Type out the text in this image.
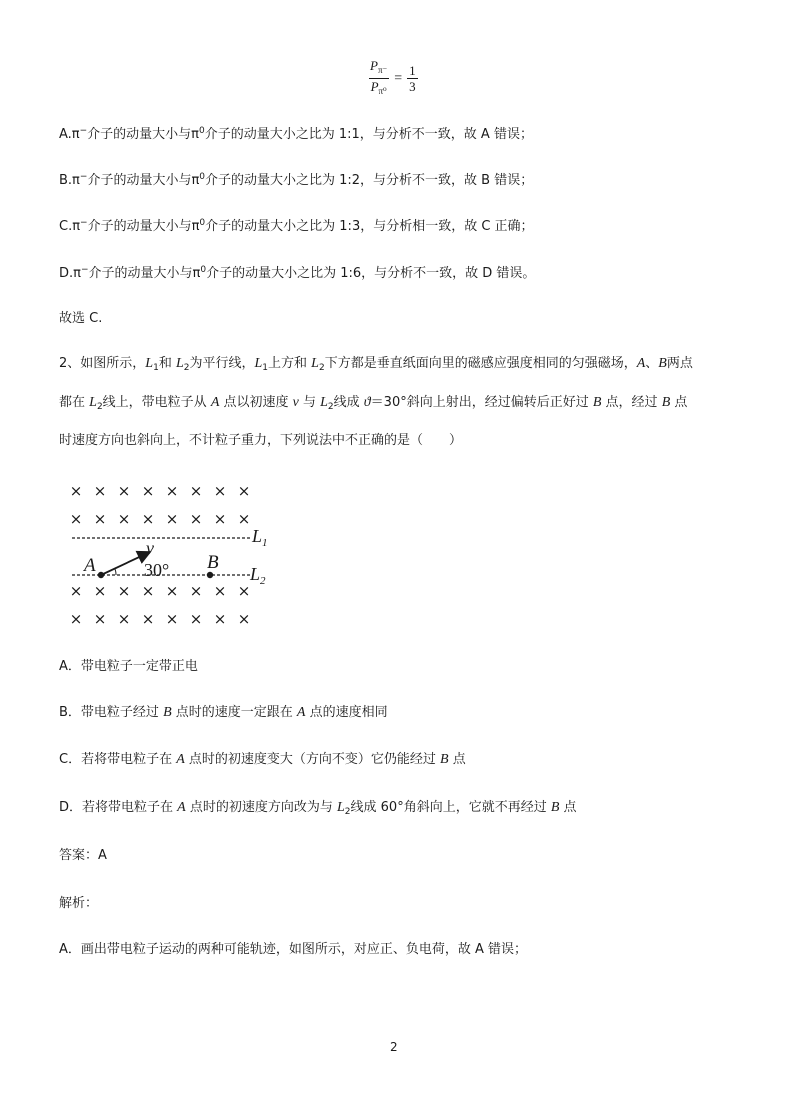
$\frac{P_{\pi^-}}{P_{\pi^0}} = \frac{1}{3}$
A.π−介子的动量大小与$\pi^0$介子的动量大小之比为 1:1，与分析不一致，故 A 错误；
B.π−介子的动量大小与$\pi^0$介子的动量大小之比为 1:2，与分析不一致，故 B 错误；
C.π−介子的动量大小与$\pi^0$介子的动量大小之比为 1:3，与分析相一致，故 C 正确；
D.π−介子的动量大小与$\pi^0$介子的动量大小之比为 1:6，与分析不一致，故 D 错误。
故选 C.
2、如图所示，$L_1$和 $L_2$为平行线，$L_1$上方和 $L_2$下方都是垂直纸面向里的磁感应强度相同的匀强磁场，A、B两点
都在 $L_2$线上，带电粒子从 A 点以初速度 v 与 $L_2$线成 ϑ＝30°斜向上射出，经过偏转后正好过 B 点，经过 B 点
时速度方向也斜向上，不计粒子重力，下列说法中不正确的是（　　）
× × × × × × × ×
× × × × × × × ×
× × × × × × × ×
× × × × × × × ×
$L_1$
$L_2$
A	B
v
30°
A．带电粒子一定带正电
B．带电粒子经过 B 点时的速度一定跟在 A 点的速度相同
C．若将带电粒子在 A 点时的初速度变大（方向不变）它仍能经过 B 点
D．若将带电粒子在 A 点时的初速度方向改为与 $L_2$线成 60°角斜向上，它就不再经过 B 点
答案：A
解析：
A．画出带电粒子运动的两种可能轨迹，如图所示，对应正、负电荷，故 A 错误；
2
